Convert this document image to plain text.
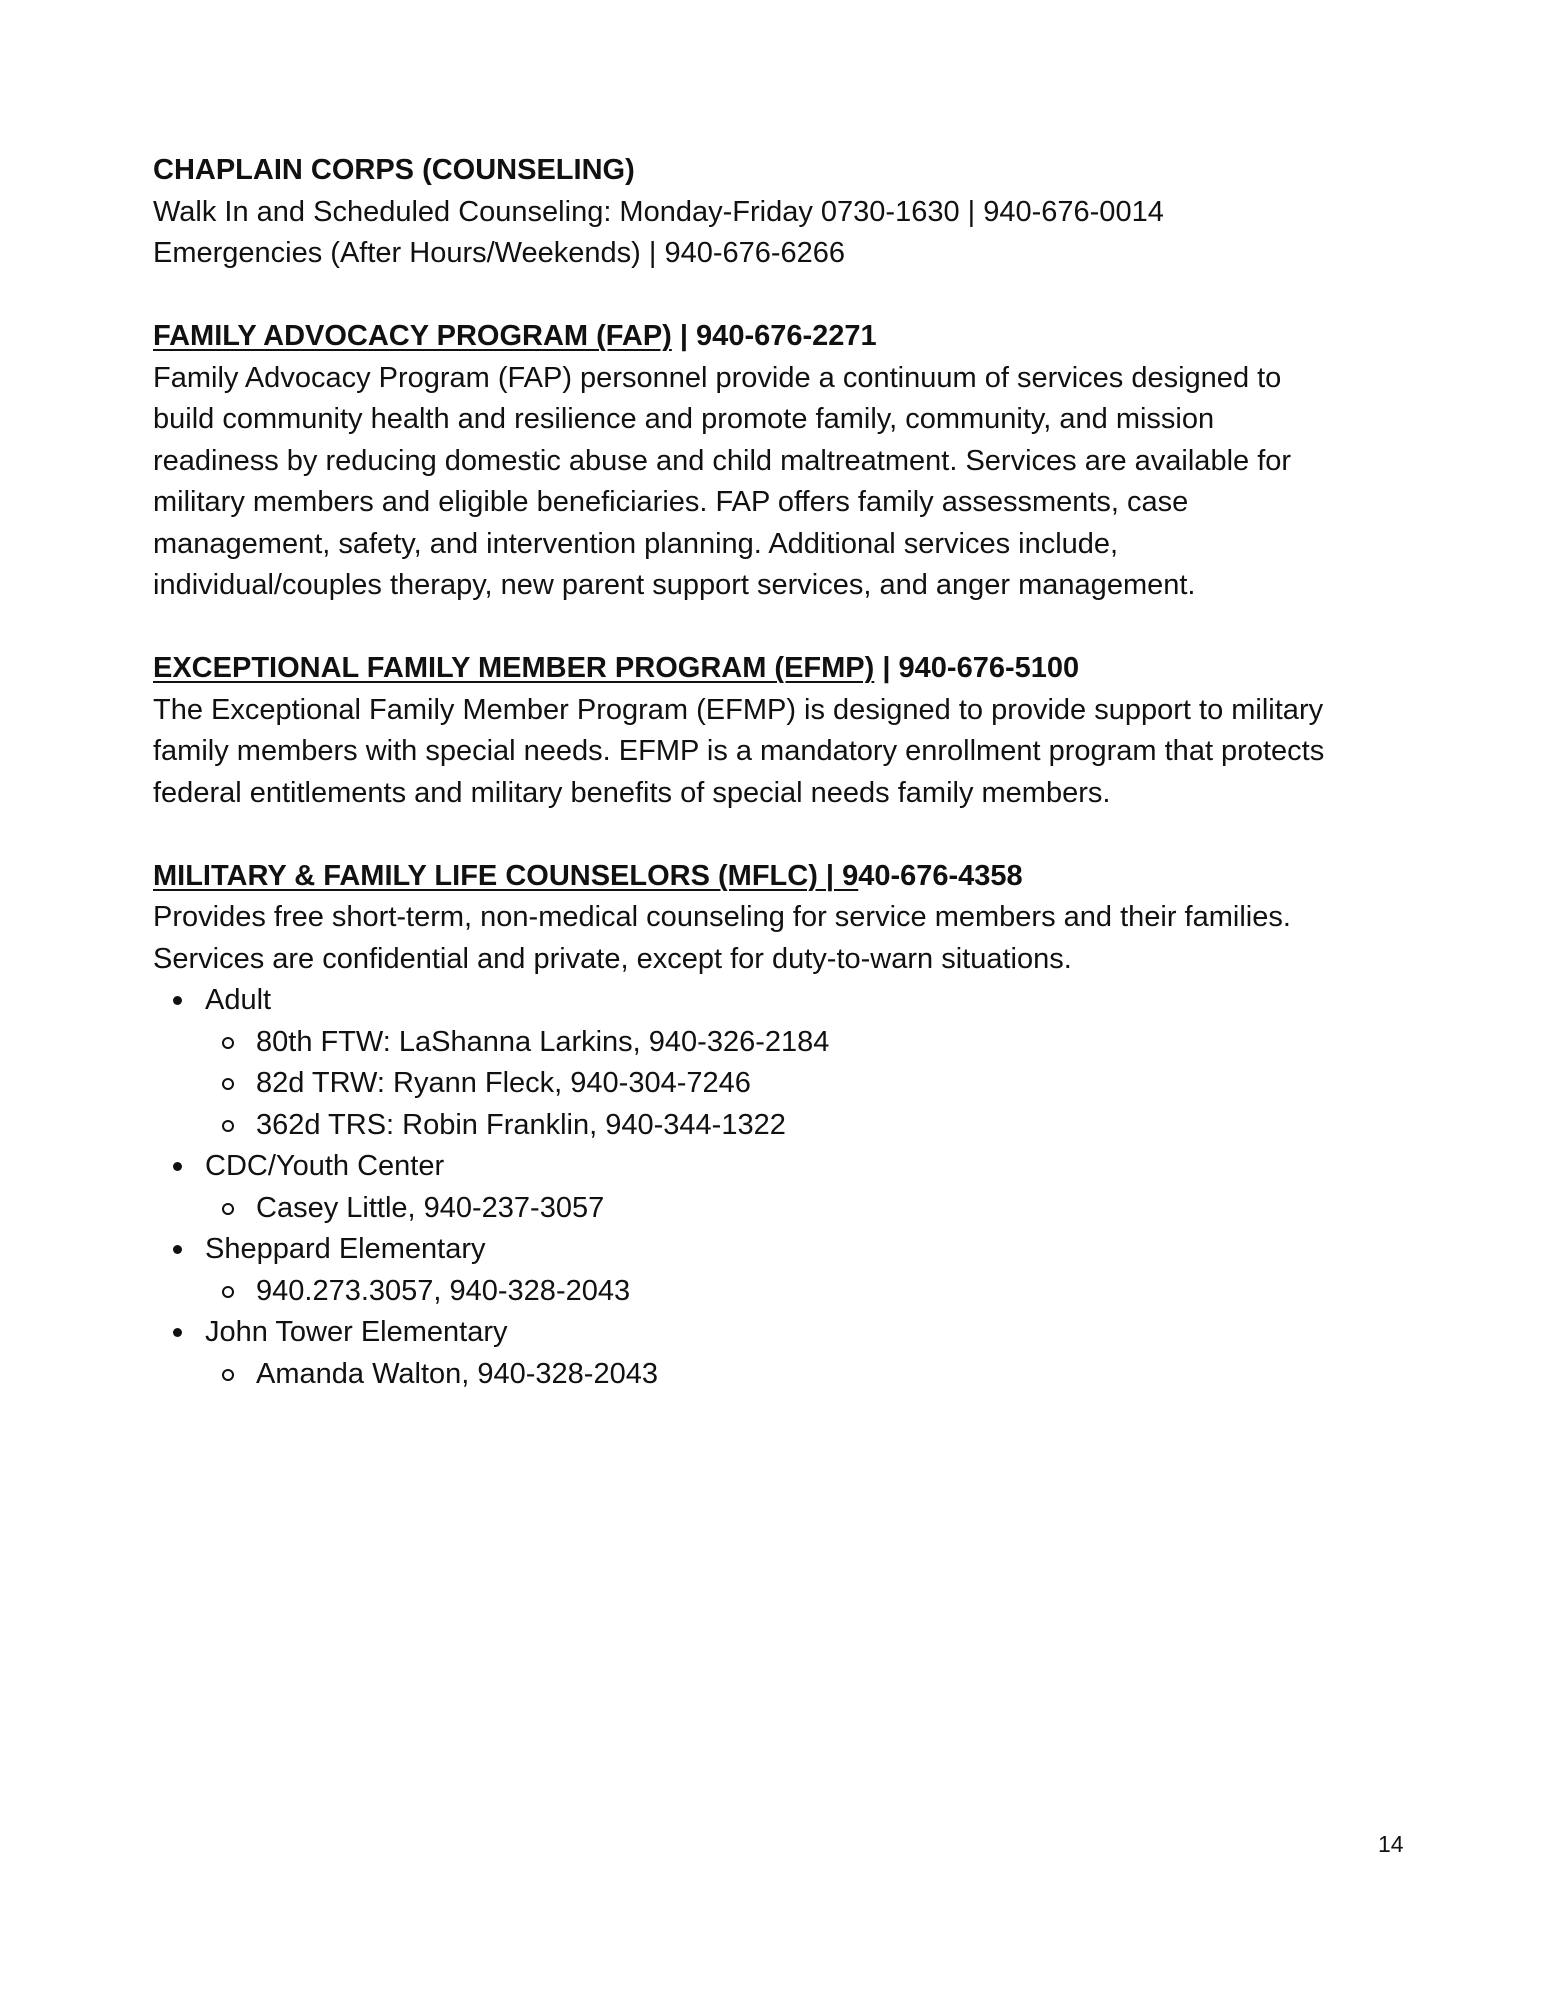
CHAPLAIN CORPS (COUNSELING)

Walk In and Scheduled Counseling: Monday-Friday 0730-1630 | 940-676-0014

Emergencies (After Hours/Weekends) | 940-676-6266

FAMILY ADVOCACY PROGRAM (FAP) | 940-676-2271

Family Advocacy Program (FAP) personnel provide a continuum of services designed to

build community health and resilience and promote family, community, and mission

readiness by reducing domestic abuse and child maltreatment. Services are available for

military members and eligible beneficiaries. FAP offers family assessments, case

management, safety, and intervention planning. Additional services include,

individual/couples therapy, new parent support services, and anger management.

EXCEPTIONAL FAMILY MEMBER PROGRAM (EFMP) | 940-676-5100

The Exceptional Family Member Program (EFMP) is designed to provide support to military

family members with special needs. EFMP is a mandatory enrollment program that protects

federal entitlements and military benefits of special needs family members.

MILITARY & FAMILY LIFE COUNSELORS (MFLC) | 940-676-4358

Provides free short-term, non-medical counseling for service members and their families.

Services are confidential and private, except for duty-to-warn situations.

Adult
80th FTW: LaShanna Larkins, 940-326-2184
82d TRW: Ryann Fleck, 940-304-7246
362d TRS: Robin Franklin, 940-344-1322
CDC/Youth Center
Casey Little, 940-237-3057
Sheppard Elementary
940.273.3057, 940-328-2043
John Tower Elementary
Amanda Walton, 940-328-2043
14
